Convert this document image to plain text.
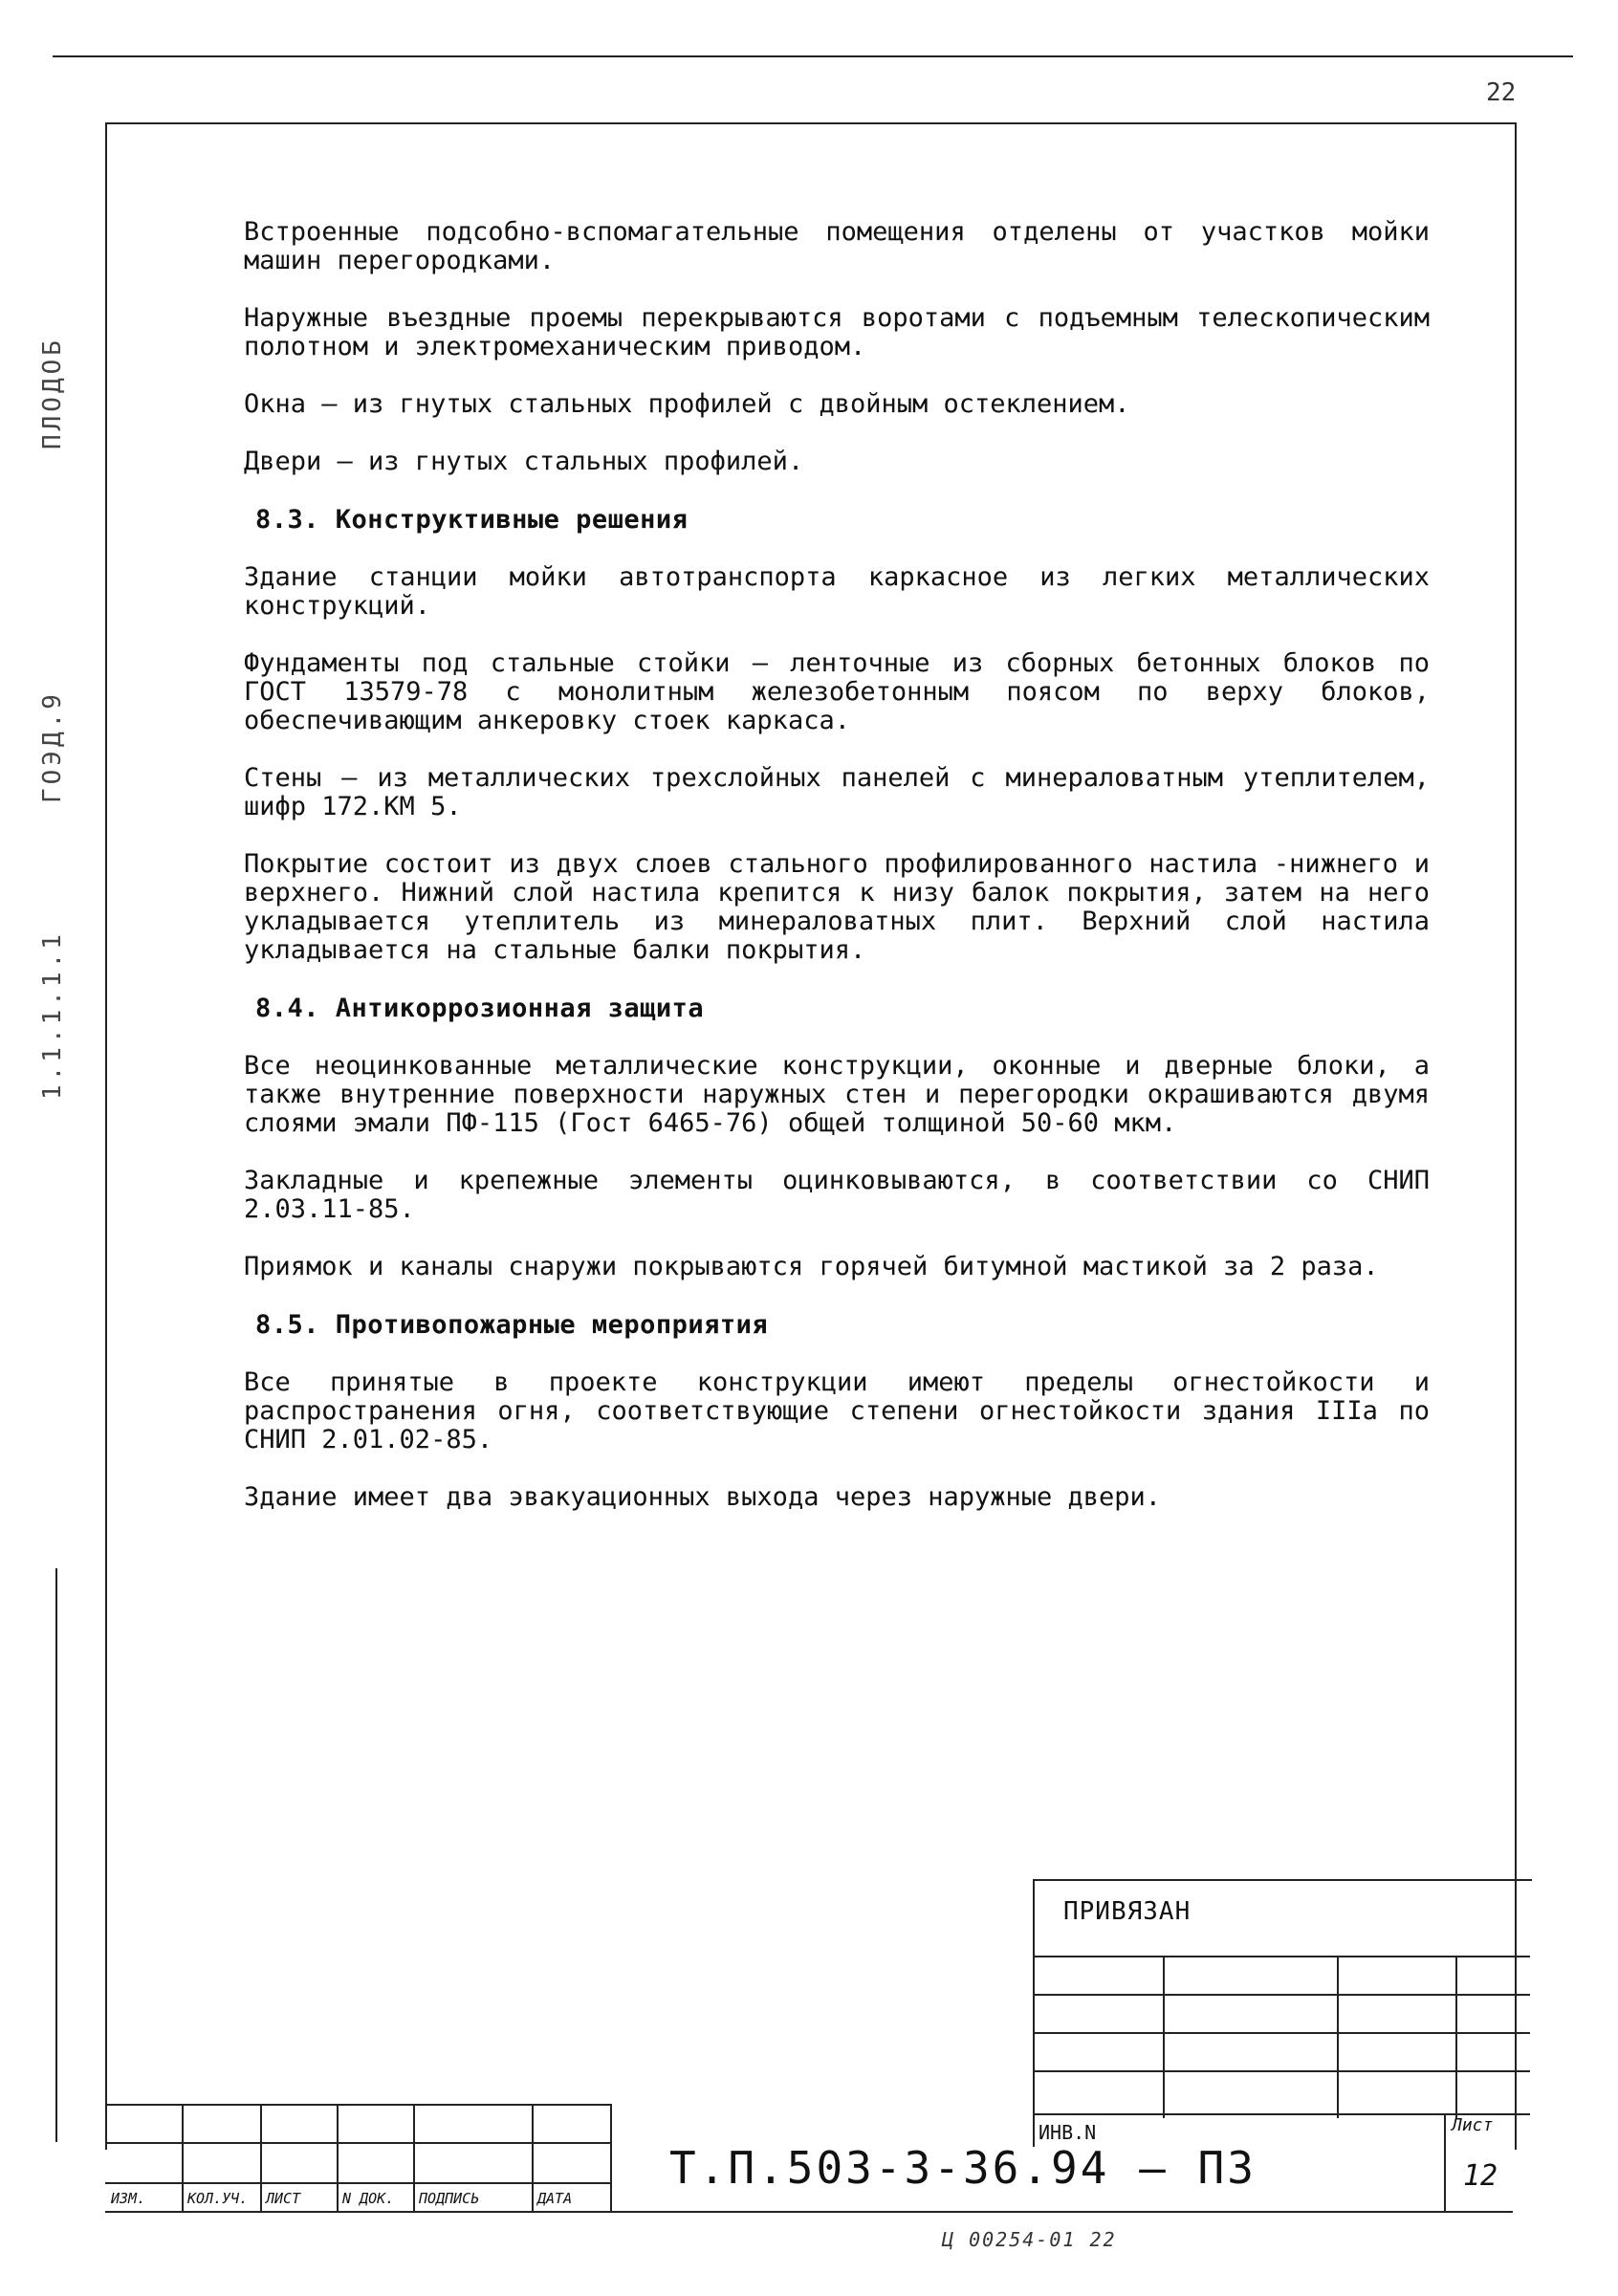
22
ПЛОДОБ
ГОЭД.9
1.1.1.1.1
Встроенные подсобно-вспомагательные помещения отделены от участков мойки машин перегородками.
Наружные въездные проемы перекрываются воротами с подъемным телескопическим полотном и электромеханическим приводом.
Окна – из гнутых стальных профилей с двойным остеклением.
Двери – из гнутых стальных профилей.
8.3. Конструктивные решения
Здание станции мойки автотранспорта каркасное из легких металлических конструкций.
Фундаменты под стальные стойки – ленточные из сборных бетонных блоков по ГОСТ 13579-78 с монолитным железобетонным поясом по верху блоков, обеспечивающим анкеровку стоек каркаса.
Стены – из металлических трехслойных панелей с минераловатным утеплителем, шифр 172.КМ 5.
Покрытие состоит из двух слоев стального профилированного настила -нижнего и верхнего. Нижний слой настила крепится к низу балок покрытия, затем на него укладывается утеплитель из минераловатных плит. Верхний слой настила укладывается на стальные балки покрытия.
8.4. Антикоррозионная защита
Все неоцинкованные металлические конструкции, оконные и дверные блоки, а также внутренние поверхности наружных стен и перегородки окрашиваются двумя слоями эмали ПФ-115 (Гост 6465-76) общей толщиной 50-60 мкм.
Закладные и крепежные элементы оцинковываются, в соответствии со СНИП 2.03.11-85.
Приямок и каналы снаружи покрываются горячей битумной мастикой за 2 раза.
8.5. Противопожарные мероприятия
Все принятые в проекте конструкции имеют пределы огнестойкости и распространения огня, соответствующие степени огнестойкости здания IIIа по СНИП 2.01.02-85.
Здание имеет два эвакуационных выхода через наружные двери.
ПРИВЯЗАН
ИНВ.N
ИЗМ.	КОЛ.УЧ. ЛИСТ	N ДОК. ПОДПИСЬ	ДАТА
Т.П.503-3-36.94 – ПЗ
Лист
12
Ц 00254-01 22
